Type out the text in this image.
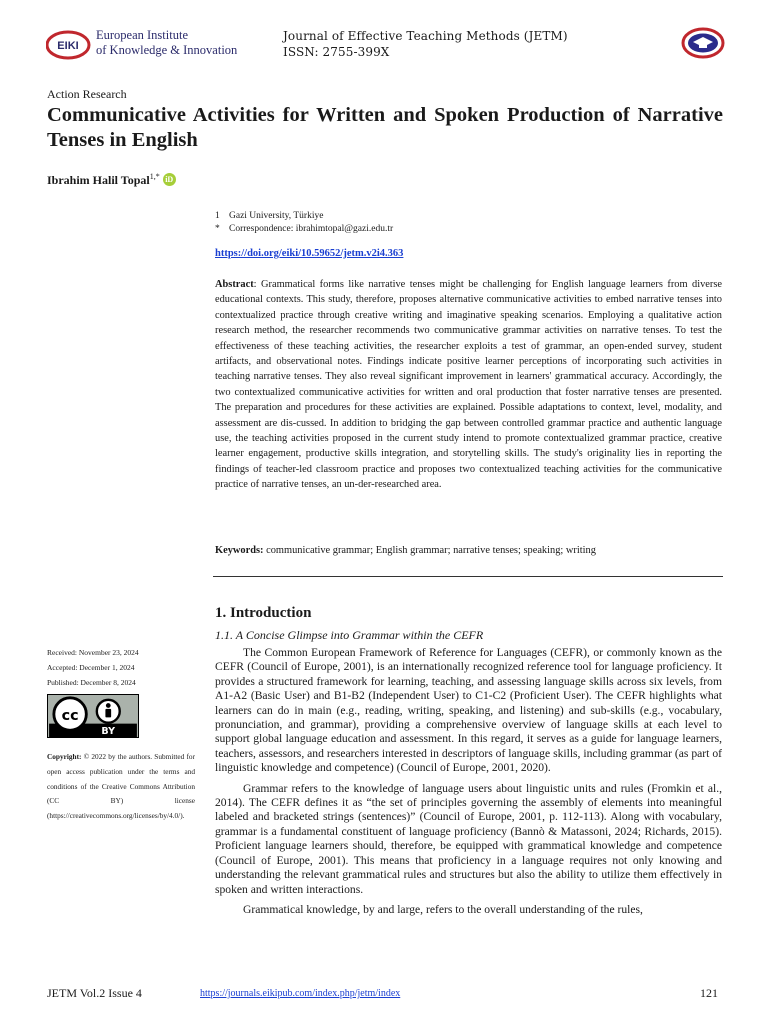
EIKI
European Institute
of Knowledge & Innovation
Journal of Effective Teaching Methods (JETM)
ISSN: 2755-399X
Action Research
Communicative Activities for Written and Spoken Production of Narrative Tenses in English
Ibrahim Halil Topal$^{1,*}$ iD
1 Gazi University, Türkiye
* Correspondence: ibrahimtopal@gazi.edu.tr
https://doi.org/eiki/10.59652/jetm.v2i4.363
Abstract: Grammatical forms like narrative tenses might be challenging for English language learners from diverse educational contexts. This study, therefore, proposes alternative communicative activities to embed narrative tenses into contextualized practice through creative writing and imaginative speaking scenarios. Employing a qualitative action research method, the researcher recommends two communicative grammar activities on narrative tenses. To test the effectiveness of these teaching activities, the researcher exploits a test of grammar, an open-ended survey, student artifacts, and observational notes. Findings indicate positive learner perceptions of incorporating such activities in teaching narrative tenses. They also reveal significant improvement in learners' grammatical accuracy. Accordingly, the two contextualized communicative activities for written and oral production that foster narrative tenses are presented. The preparation and procedures for these activities are explained. Possible adaptations to context, level, modality, and assessment are dis-cussed. In addition to bridging the gap between controlled grammar practice and authentic language use, the teaching activities proposed in the current study intend to promote contextualized grammar practice, creative learner engagement, productive skills integration, and storytelling skills. The study's originality lies in reporting the findings of teacher-led classroom practice and proposes two contextualized teaching activities for the communicative practice of narrative tenses, an un-der-researched area.
Keywords: communicative grammar; English grammar; narrative tenses; speaking; writing
1. Introduction
1.1. A Concise Glimpse into Grammar within the CEFR

The Common European Framework of Reference for Languages (CEFR), or commonly known as the CEFR (Council of Europe, 2001), is an internationally recognized reference tool for language proficiency. It provides a structured framework for learning, teaching, and assessing language skills across six levels, from A1-A2 (Basic User) and B1-B2 (Independent User) to C1-C2 (Proficient User). The CEFR highlights what learners can do in main (e.g., reading, writing, speaking, and listening) and sub-skills (e.g., vocabulary, pronunciation, and grammar), providing a comprehensive overview of language skills at each level to support global language education and assessment. In this regard, it serves as a guide for language learners, teachers, assessors, and researchers interested in descriptors of language skills, including grammar (as part of linguistic knowledge and competence) (Council of Europe, 2001, 2020).

Grammar refers to the knowledge of language users about linguistic units and rules (Fromkin et al., 2014). The CEFR defines it as “the set of principles governing the assembly of elements into meaningful labeled and bracketed strings (sentences)” (Council of Europe, 2001, p. 112-113). Along with vocabulary, grammar is a fundamental constituent of language proficiency (Bannò & Matassoni, 2024; Richards, 2015). Proficient language learners should, therefore, be equipped with grammatical knowledge and competence (Council of Europe, 2001). This means that proficiency in a language requires not only knowing and understanding the relevant grammatical rules and structures but also the ability to utilize them effectively in spoken and written interactions.

Grammatical knowledge, by and large, refers to the overall understanding of the rules,

Received: November 23, 2024
Accepted: December 1, 2024
Published: December 8, 2024
cc
BY
Copyright: © 2022 by the authors. Submitted for open access publication under the terms and conditions of the Creative Commons Attribution (CC BY) license (https://creativecommons.org/licenses/by/4.0/).
JETM Vol.2 Issue 4	https://journals.eikipub.com/index.php/jetm/index	121
